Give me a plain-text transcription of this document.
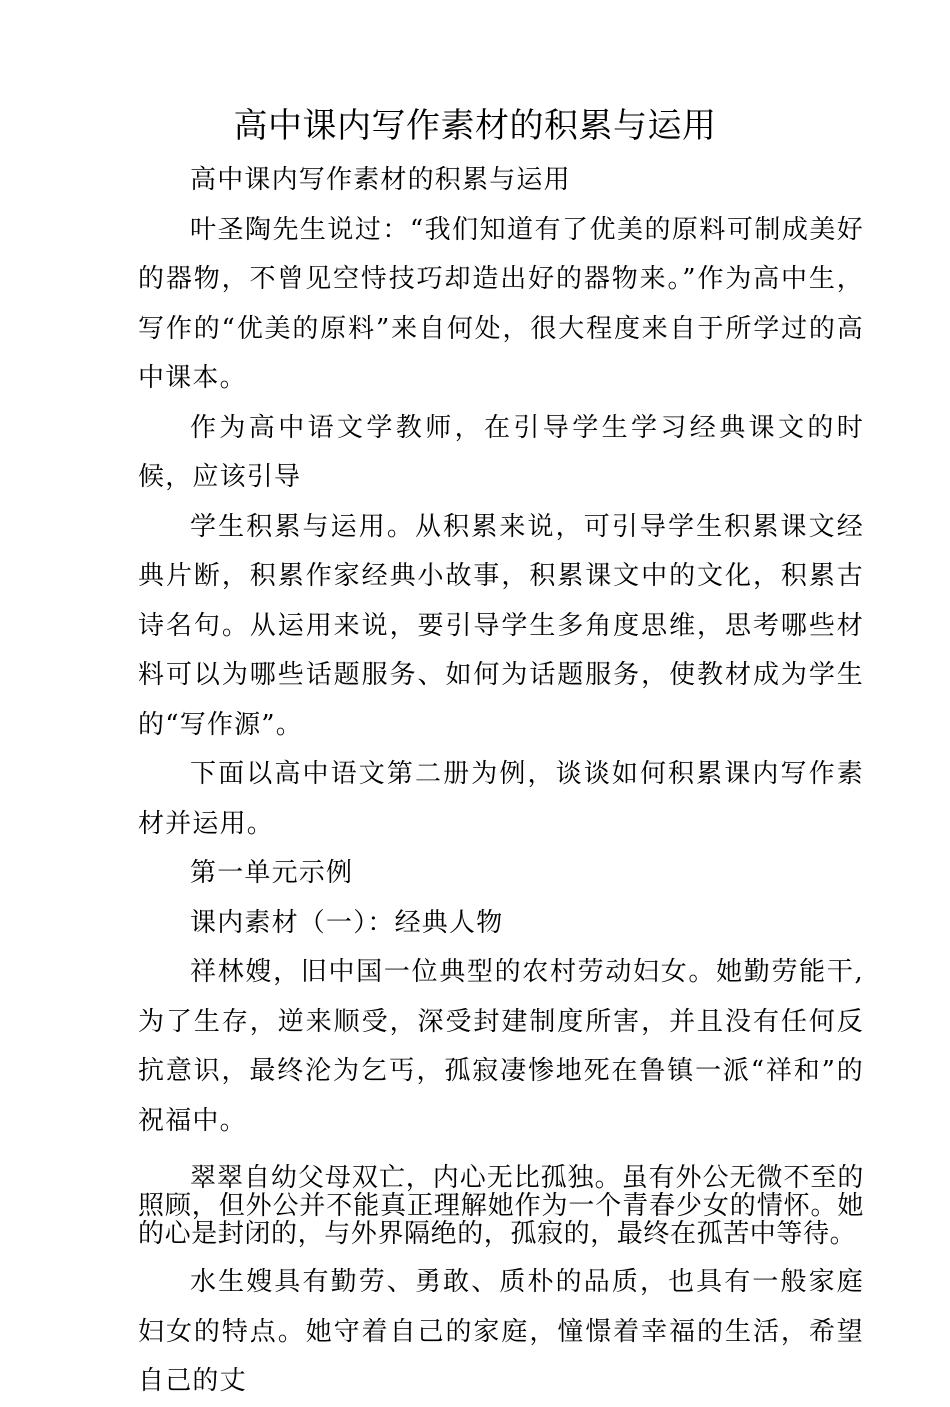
高中课内写作素材的积累与运用

高中课内写作素材的积累与运用

叶圣陶先生说过：“我们知道有了优美的原料可制成美好的器物，不曾见空恃技巧却造出好的器物来。”作为高中生，写作的“优美的原料”来自何处，很大程度来自于所学过的高中课本。

作为高中语文学教师，在引导学生学习经典课文的时候，应该引导

学生积累与运用。从积累来说，可引导学生积累课文经典片断，积累作家经典小故事，积累课文中的文化，积累古诗名句。从运用来说，要引导学生多角度思维，思考哪些材料可以为哪些话题服务、如何为话题服务，使教材成为学生的“写作源”。

下面以高中语文第二册为例，谈谈如何积累课内写作素材并运用。

第一单元示例

课内素材（一）：经典人物

祥林嫂，旧中国一位典型的农村劳动妇女。她勤劳能干,为了生存，逆来顺受，深受封建制度所害，并且没有任何反抗意识，最终沦为乞丐，孤寂凄惨地死在鲁镇一派“祥和”的祝福中。

翠翠自幼父母双亡，内心无比孤独。虽有外公无微不至的照顾，但外公并不能真正理解她作为一个青春少女的情怀。她的心是封闭的，与外界隔绝的，孤寂的，最终在孤苦中等待。

水生嫂具有勤劳、勇敢、质朴的品质，也具有一般家庭妇女的特点。她守着自己的家庭，憧憬着幸福的生活，希望自己的丈
